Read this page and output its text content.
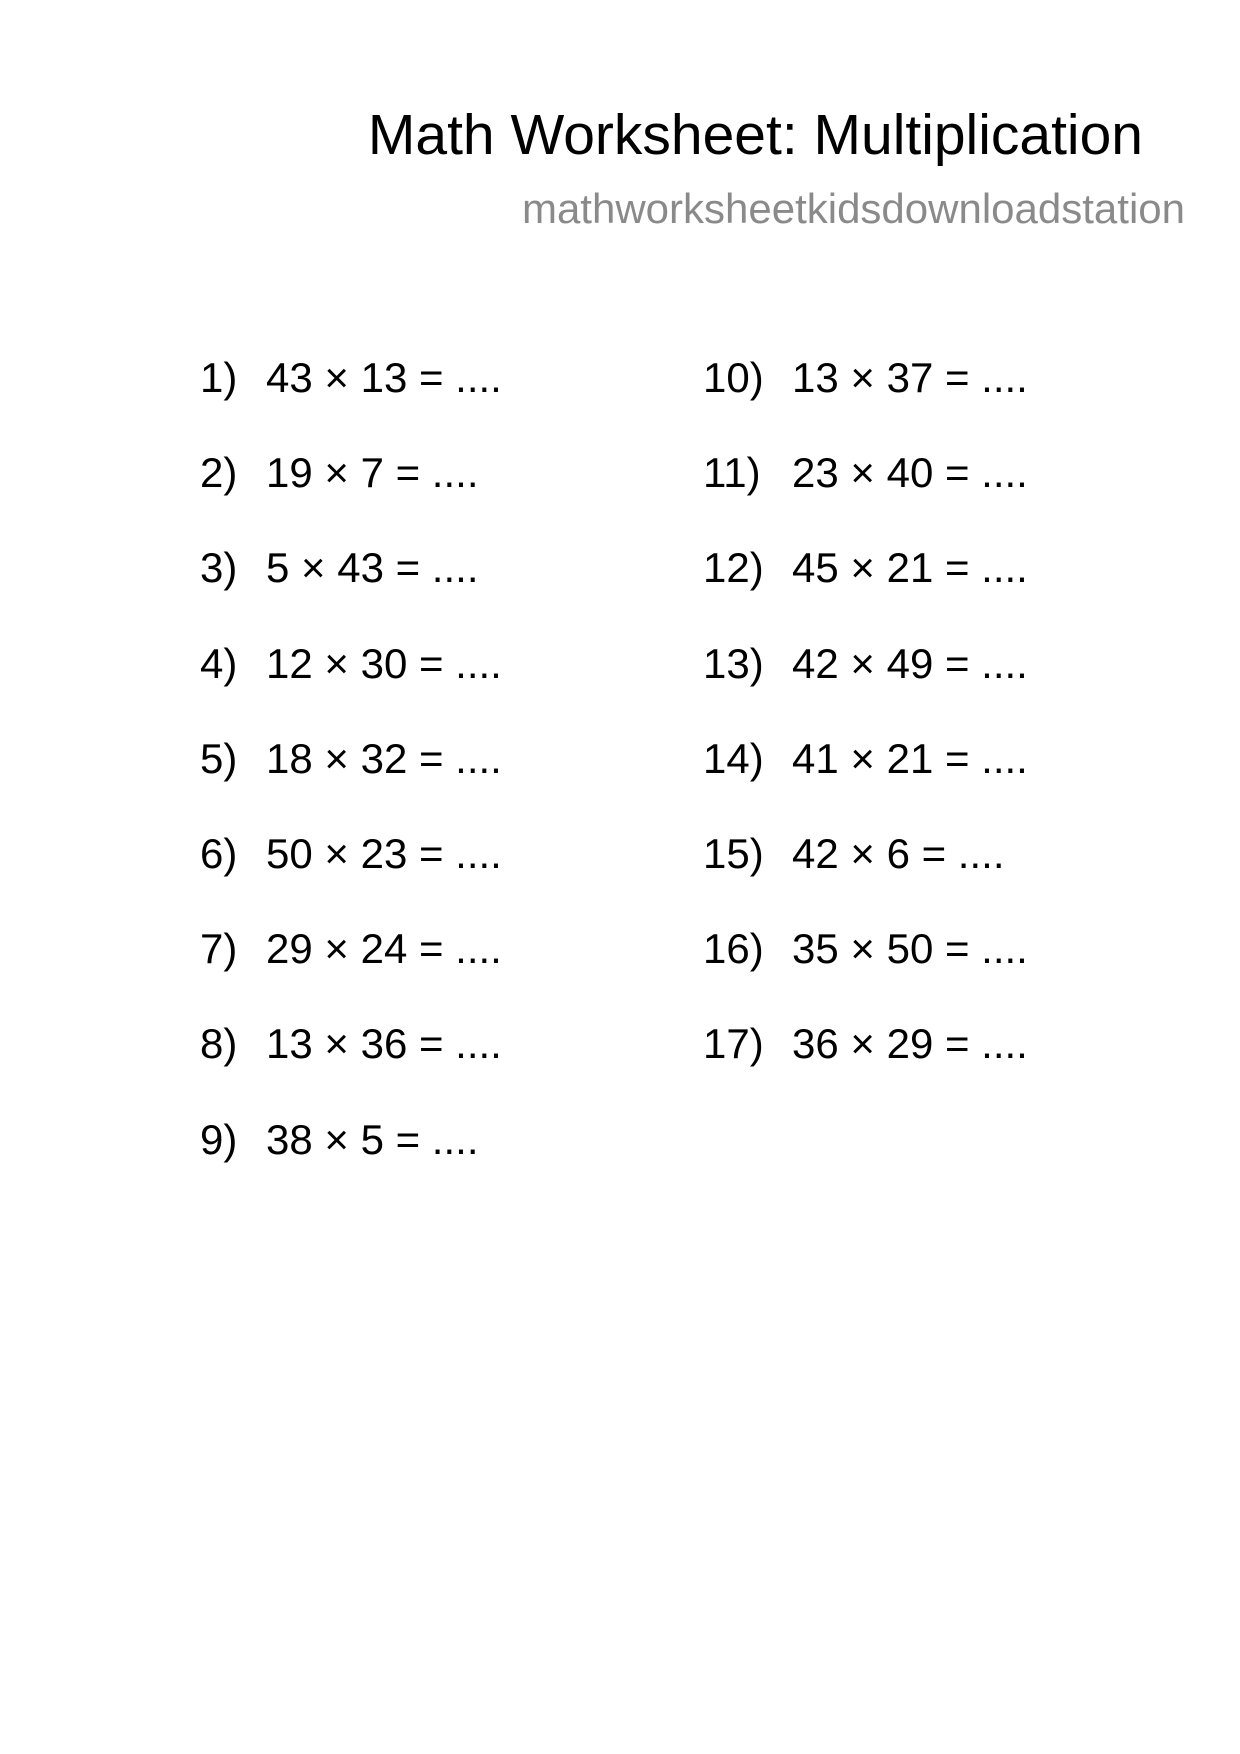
Math Worksheet: Multiplication
mathworksheetkidsdownloadstation
1) 43 × 13 = ....
2) 19 × 7 = ....
3) 5 × 43 = ....
4) 12 × 30 = ....
5) 18 × 32 = ....
6) 50 × 23 = ....
7) 29 × 24 = ....
8) 13 × 36 = ....
9) 38 × 5 = ....
10) 13 × 37 = ....
11) 23 × 40 = ....
12) 45 × 21 = ....
13) 42 × 49 = ....
14) 41 × 21 = ....
15) 42 × 6 = ....
16) 35 × 50 = ....
17) 36 × 29 = ....
